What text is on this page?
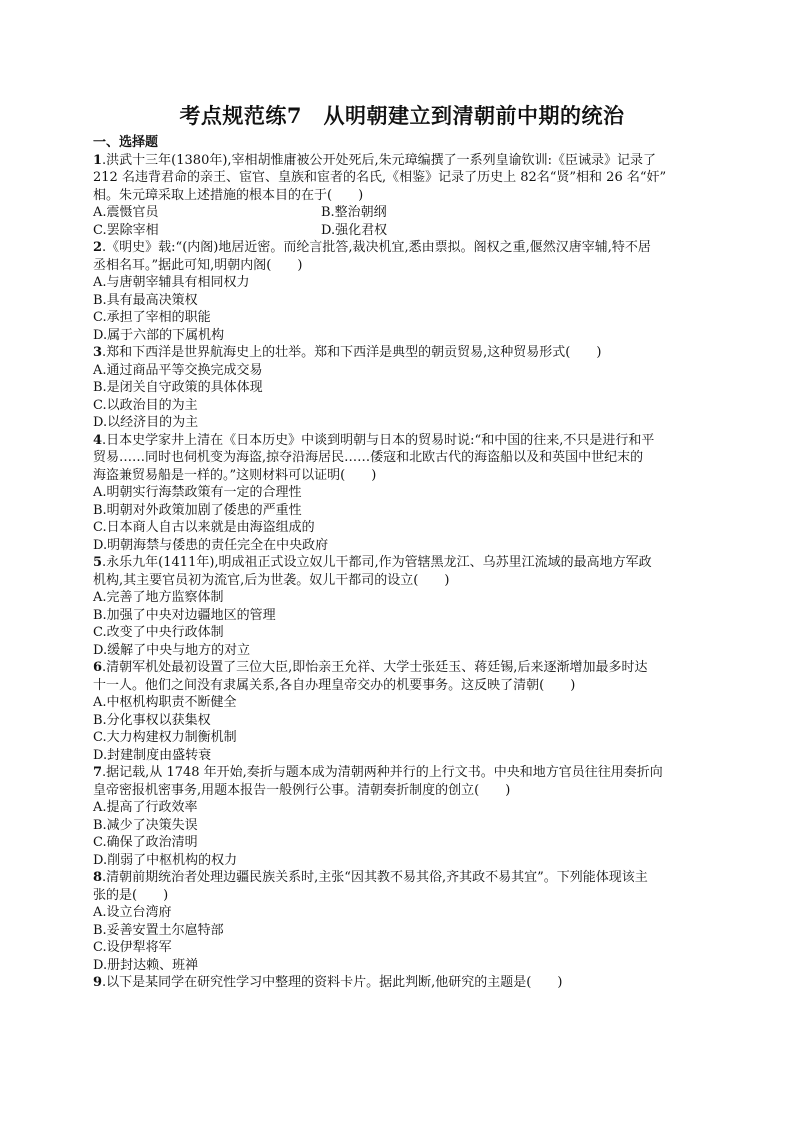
考点规范练7　从明朝建立到清朝前中期的统治
一、选择题
1.洪武十三年(1380年),宰相胡惟庸被公开处死后,朱元璋编撰了一系列皇谕钦训:《臣诫录》记录了
212 名违背君命的亲王、宦官、皇族和宦者的名氏,《相鉴》记录了历史上 82名“贤”相和 26 名“奸”
相。朱元璋采取上述措施的根本目的在于(　　)
A.震慑官员	B.整治朝纲
C.罢除宰相	D.强化君权
2.《明史》载:“(内阁)地居近密。而纶言批答,裁决机宜,悉由票拟。阁权之重,偃然汉唐宰辅,特不居
丞相名耳。”据此可知,明朝内阁(　　)
A.与唐朝宰辅具有相同权力
B.具有最高决策权
C.承担了宰相的职能
D.属于六部的下属机构
3.郑和下西洋是世界航海史上的壮举。郑和下西洋是典型的朝贡贸易,这种贸易形式(　　)
A.通过商品平等交换完成交易
B.是闭关自守政策的具体体现
C.以政治目的为主
D.以经济目的为主
4.日本史学家井上清在《日本历史》中谈到明朝与日本的贸易时说:“和中国的往来,不只是进行和平
贸易……同时也伺机变为海盗,掠夺沿海居民……倭寇和北欧古代的海盗船以及和英国中世纪末的
海盗兼贸易船是一样的。”这则材料可以证明(　　)
A.明朝实行海禁政策有一定的合理性
B.明朝对外政策加剧了倭患的严重性
C.日本商人自古以来就是由海盗组成的
D.明朝海禁与倭患的责任完全在中央政府
5.永乐九年(1411年),明成祖正式设立奴儿干都司,作为管辖黑龙江、乌苏里江流域的最高地方军政
机构,其主要官员初为流官,后为世袭。奴儿干都司的设立(　　)
A.完善了地方监察体制
B.加强了中央对边疆地区的管理
C.改变了中央行政体制
D.缓解了中央与地方的对立
6.清朝军机处最初设置了三位大臣,即怡亲王允祥、大学士张廷玉、蒋廷锡,后来逐渐增加最多时达
十一人。他们之间没有隶属关系,各自办理皇帝交办的机要事务。这反映了清朝(　　)
A.中枢机构职责不断健全
B.分化事权以获集权
C.大力构建权力制衡机制
D.封建制度由盛转衰
7.据记载,从 1748 年开始,奏折与题本成为清朝两种并行的上行文书。中央和地方官员往往用奏折向
皇帝密报机密事务,用题本报告一般例行公事。清朝奏折制度的创立(　　)
A.提高了行政效率
B.减少了决策失误
C.确保了政治清明
D.削弱了中枢机构的权力
8.清朝前期统治者处理边疆民族关系时,主张“因其教不易其俗,齐其政不易其宜”。下列能体现该主
张的是(　　)
A.设立台湾府
B.妥善安置土尔扈特部
C.设伊犁将军
D.册封达赖、班禅
9.以下是某同学在研究性学习中整理的资料卡片。据此判断,他研究的主题是(　　)
